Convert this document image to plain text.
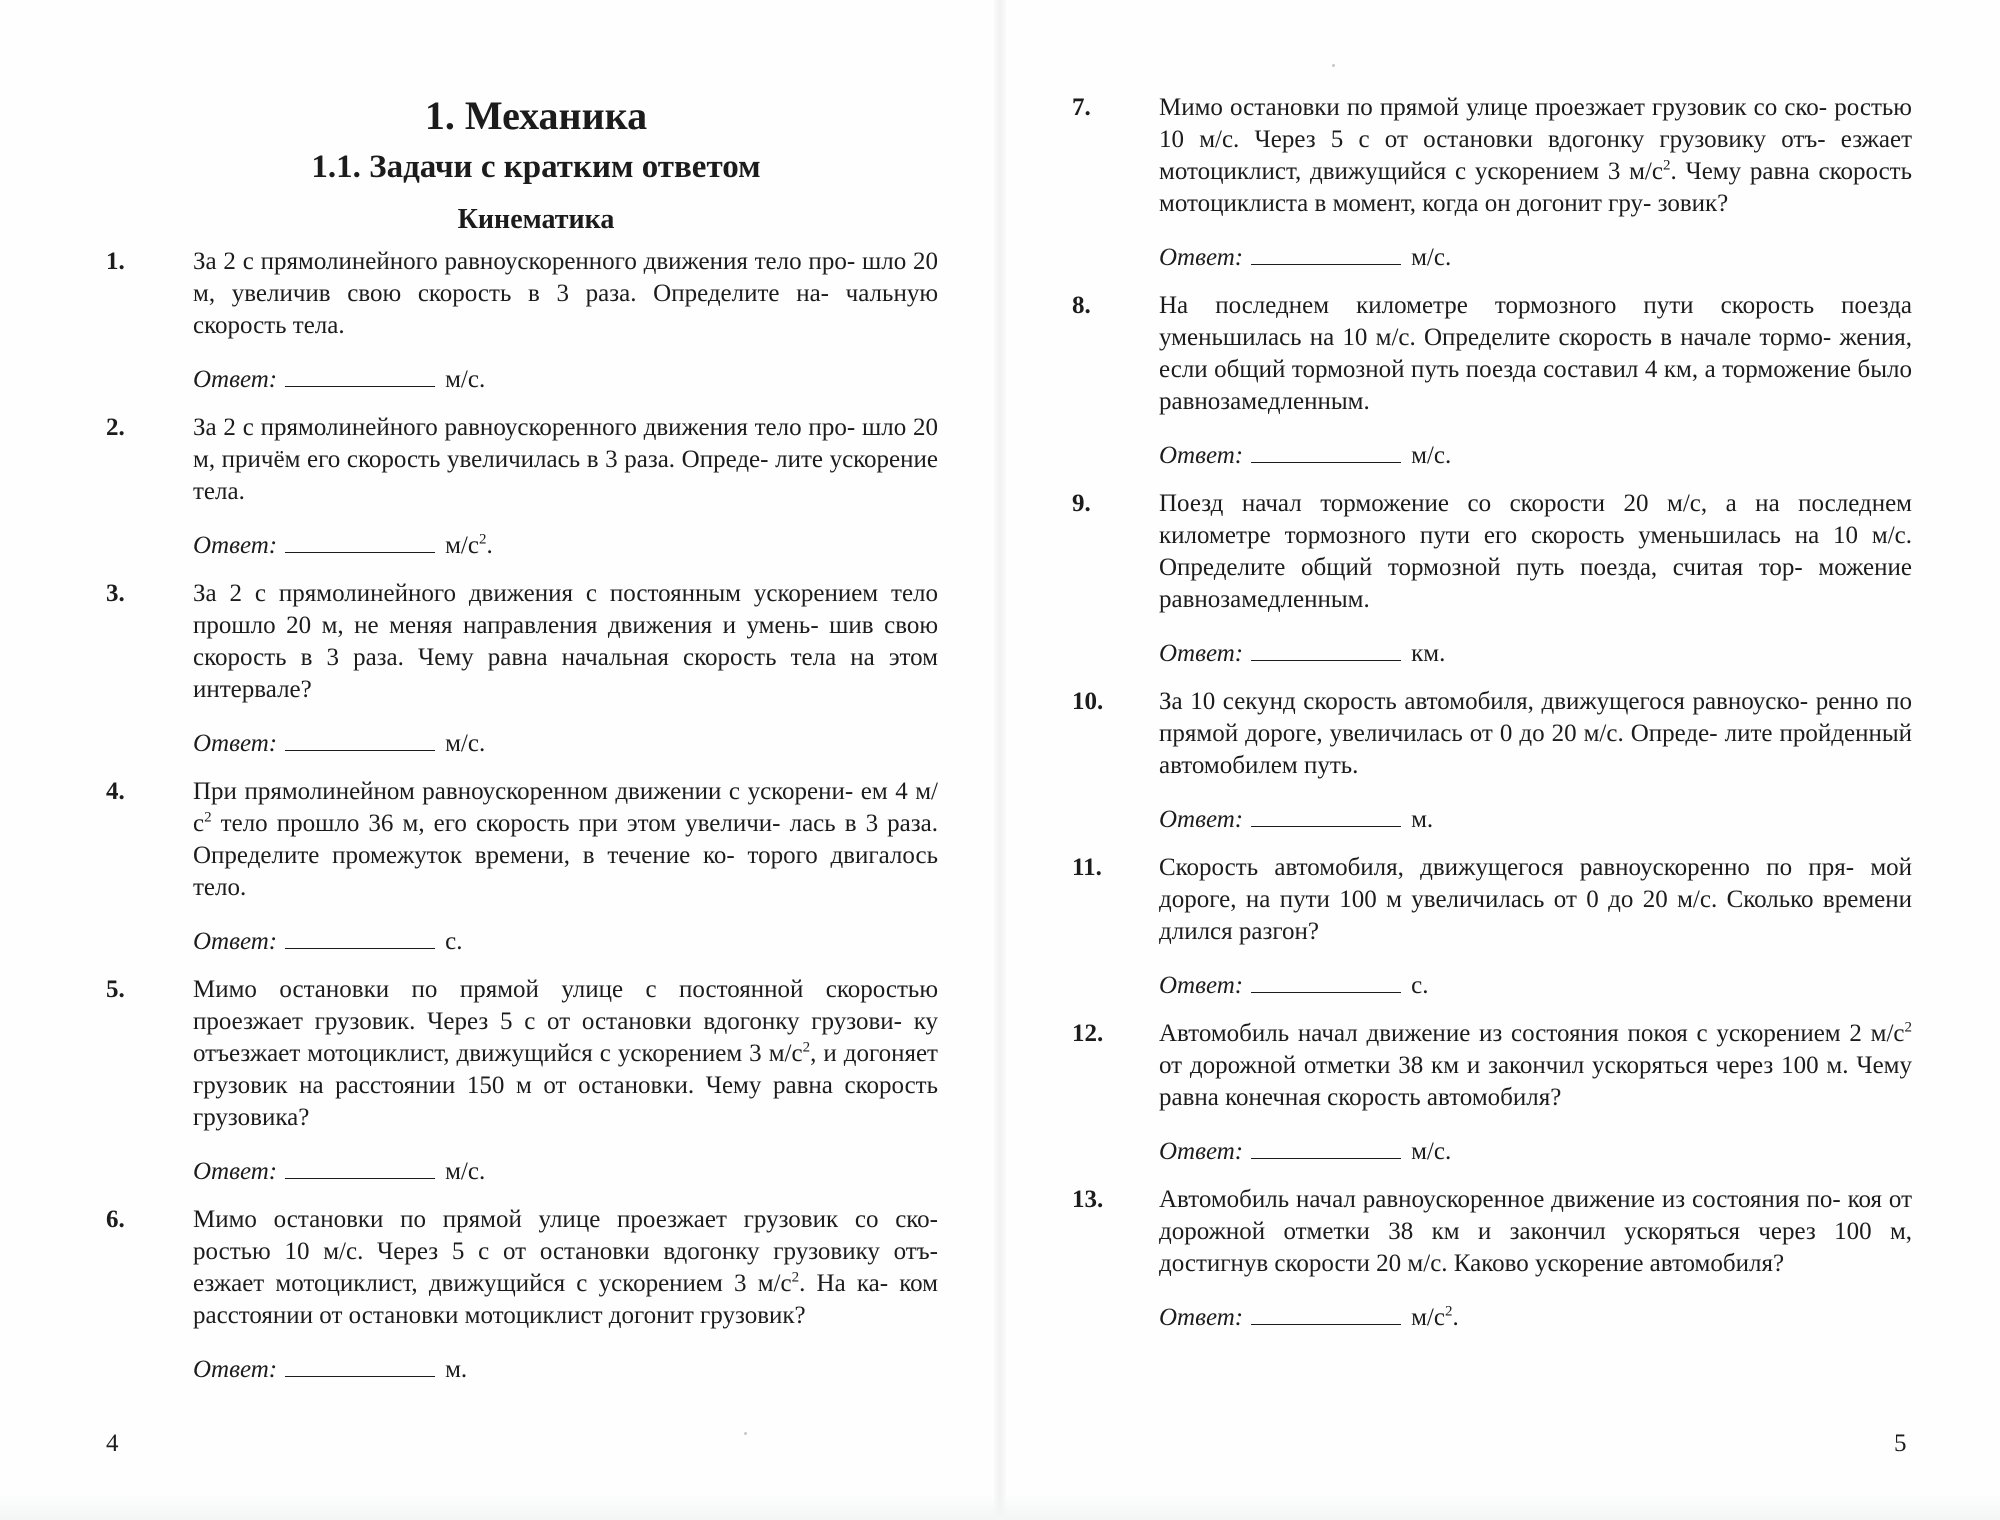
1. Механика
1.1. Задачи с кратким ответом
Кинематика
1.	За 2 с прямолинейного равноускоренного движения тело про- шло 20 м, увеличив свою скорость в 3 раза. Определите на- чальную скорость тела.
Ответ:	м/с.
2.	За 2 с прямолинейного равноускоренного движения тело про- шло 20 м, причём его скорость увеличилась в 3 раза. Опреде- лите ускорение тела.
Ответ:	$м/с^2$.
3.	За 2 с прямолинейного движения с постоянным ускорением тело прошло 20 м, не меняя направления движения и умень- шив свою скорость в 3 раза. Чему равна начальная скорость тела на этом интервале?
Ответ:	м/с.
4.	При прямолинейном равноускоренном движении с ускорени- ем 4 $м/с^2$ тело прошло 36 м, его скорость при этом увеличи- лась в 3 раза. Определите промежуток времени, в течение ко- торого двигалось тело.
Ответ:	с.
5.	Мимо остановки по прямой улице с постоянной скоростью проезжает грузовик. Через 5 с от остановки вдогонку грузови- ку отъезжает мотоциклист, движущийся с ускорением 3 $м/с^2$, и догоняет грузовик на расстоянии 150 м от остановки. Чему равна скорость грузовика?
Ответ:	м/с.
6.	Мимо остановки по прямой улице проезжает грузовик со ско- ростью 10 м/с. Через 5 с от остановки вдогонку грузовику отъ- езжает мотоциклист, движущийся с ускорением 3 $м/с^2$. На ка- ком расстоянии от остановки мотоциклист догонит грузовик?
Ответ:	м.
4
7.	Мимо остановки по прямой улице проезжает грузовик со ско- ростью 10 м/с. Через 5 с от остановки вдогонку грузовику отъ- езжает мотоциклист, движущийся с ускорением 3 $м/с^2$. Чему равна скорость мотоциклиста в момент, когда он догонит гру- зовик?
Ответ:	м/с.
8.	На последнем километре тормозного пути скорость поезда уменьшилась на 10 м/с. Определите скорость в начале тормо- жения, если общий тормозной путь поезда составил 4 км, а торможение было равнозамедленным.
Ответ:	м/с.
9.	Поезд начал торможение со скорости 20 м/с, а на последнем километре тормозного пути его скорость уменьшилась на 10 м/с. Определите общий тормозной путь поезда, считая тор- можение равнозамедленным.
Ответ:	км.
10.	За 10 секунд скорость автомобиля, движущегося равноуско- ренно по прямой дороге, увеличилась от 0 до 20 м/с. Опреде- лите пройденный автомобилем путь.
Ответ:	м.
11.	Скорость автомобиля, движущегося равноускоренно по пря- мой дороге, на пути 100 м увеличилась от 0 до 20 м/с. Сколько времени длился разгон?
Ответ:	с.
12.	Автомобиль начал движение из состояния покоя с ускорением 2 $м/с^2$ от дорожной отметки 38 км и закончил ускоряться через 100 м. Чему равна конечная скорость автомобиля?
Ответ:	м/с.
13.	Автомобиль начал равноускоренное движение из состояния по- коя от дорожной отметки 38 км и закончил ускоряться через 100 м, достигнув скорости 20 м/с. Каково ускорение автомобиля?
Ответ:	$м/с^2$.
5
